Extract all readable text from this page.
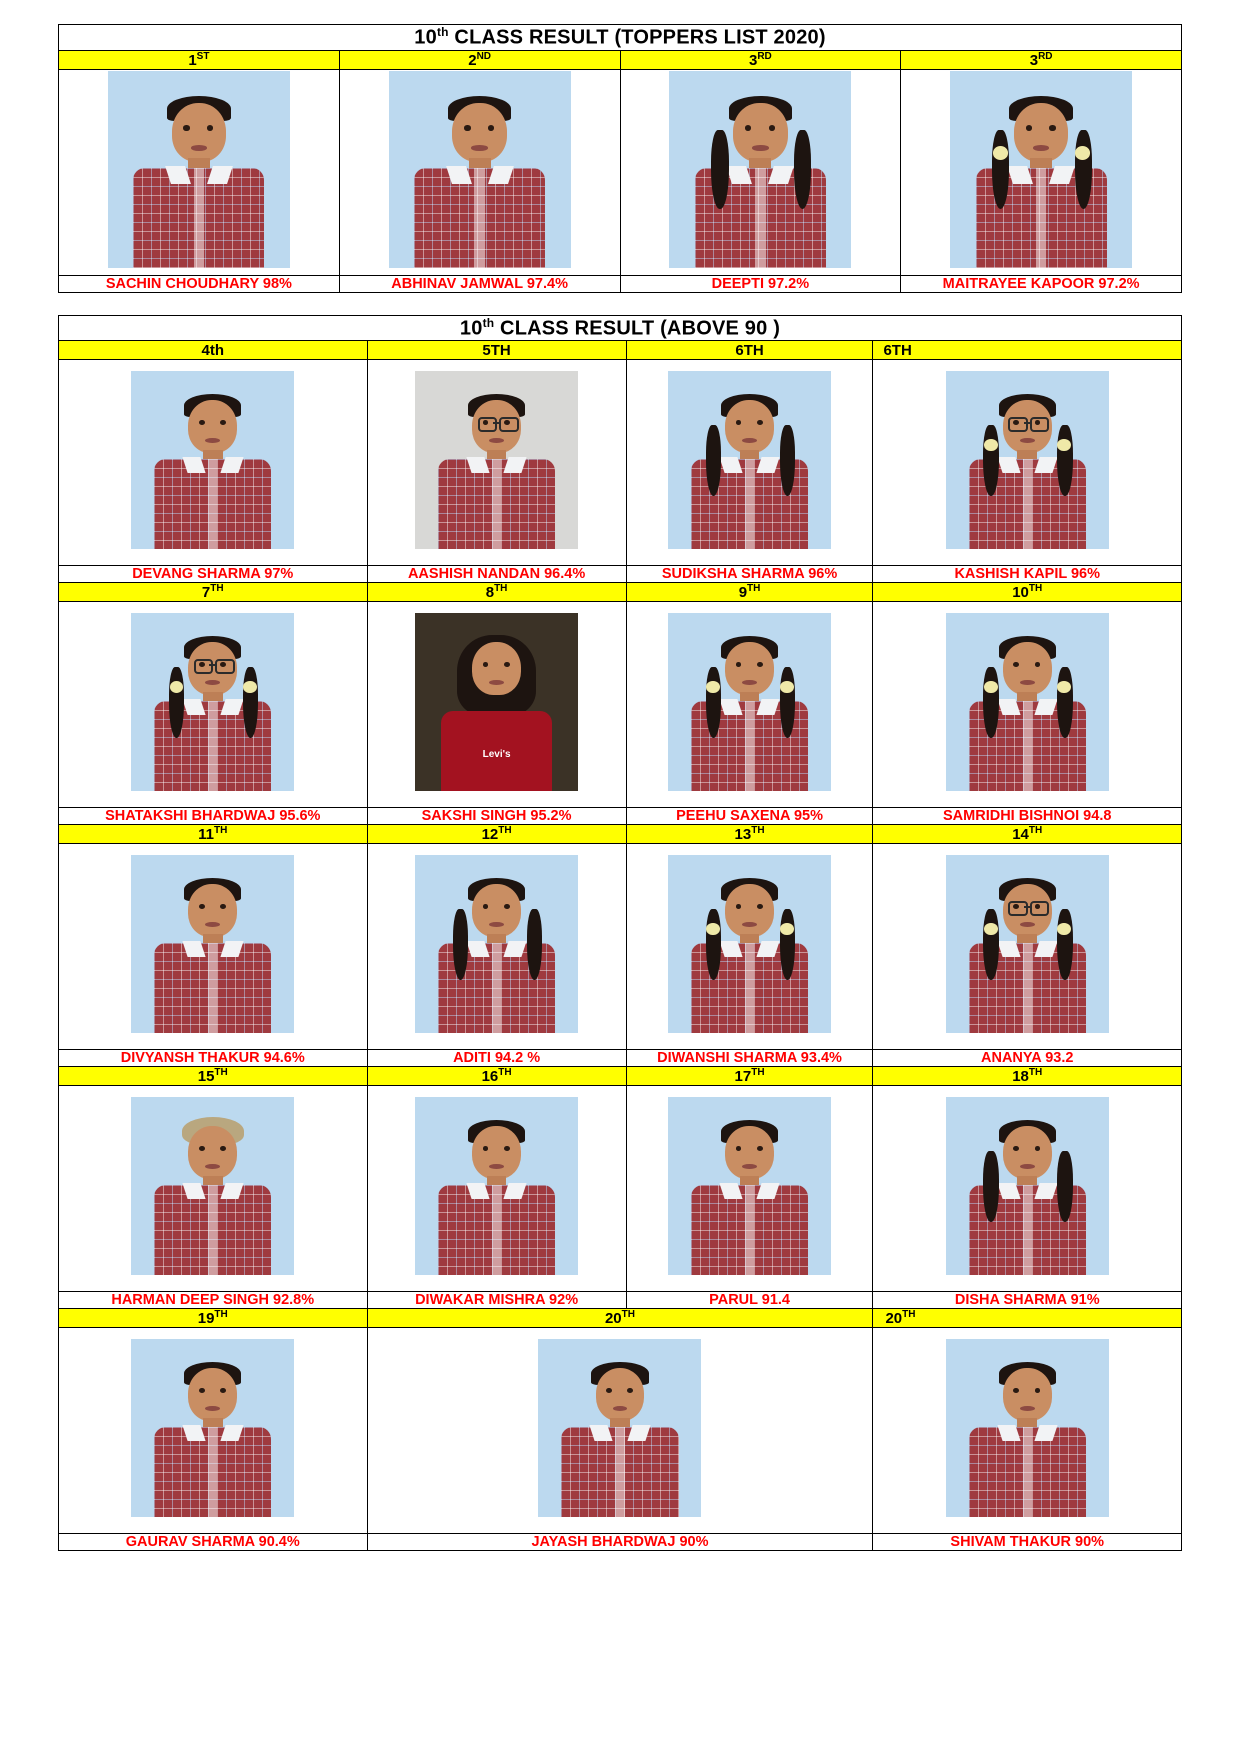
10th CLASS RESULT (TOPPERS LIST 2020)			
1ST	2ND	3RD	3RD

SACHIN CHOUDHARY 98%	ABHINAV JAMWAL 97.4%	DEEPTI 97.2%	MAITRAYEE KAPOOR 97.2%
10th CLASS RESULT (ABOVE 90 )			
4th	5TH	6TH	6TH

DEVANG SHARMA 97%	AASHISH NANDAN 96.4%	SUDIKSHA SHARMA 96%	KASHISH KAPIL 96%
7TH	8TH	9TH	10TH

	Levi's		

SHATAKSHI BHARDWAJ 95.6%	SAKSHI SINGH 95.2%	PEEHU SAXENA 95%	SAMRIDHI BISHNOI 94.8
11TH	12TH	13TH	14TH

DIVYANSH THAKUR 94.6%	ADITI 94.2 %	DIWANSHI SHARMA 93.4%	ANANYA 93.2
15TH	16TH	17TH	18TH

HARMAN DEEP SINGH 92.8%	DIWAKAR MISHRA 92%	PARUL 91.4	DISHA SHARMA 91%
19TH	20TH		20TH

GAURAV SHARMA 90.4%	JAYASH BHARDWAJ 90%		SHIVAM THAKUR 90%
